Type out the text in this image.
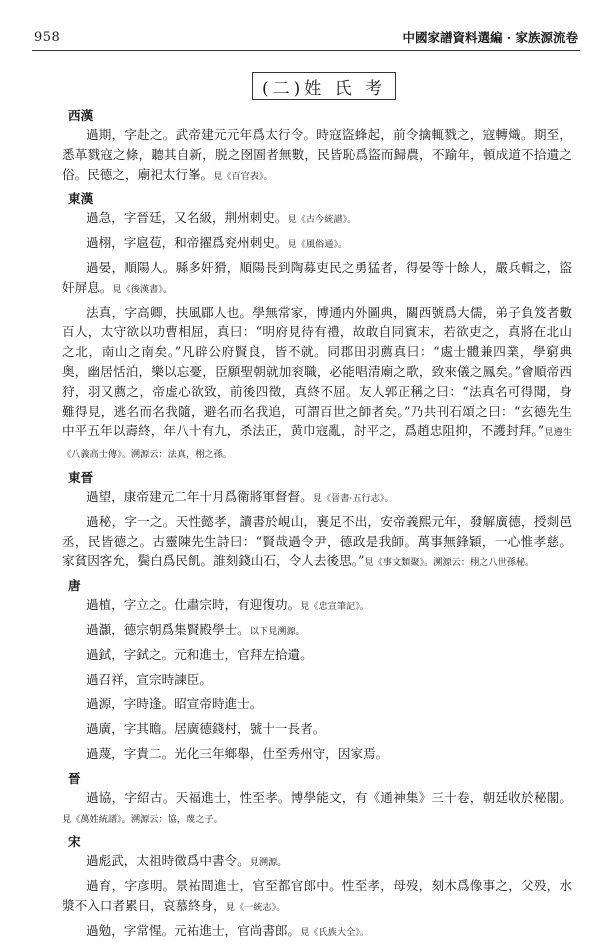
958	中國家譜資料選編 · 家族源流卷
(二)姓 氏 考
西漢

過期，字赴之。武帝建元元年爲太行令。時寇盜蜂起，前令擒輒戮之，寇轉熾。期至，悉革戮寇之條，聽其自新，脱之囹圄者無數，民皆恥爲盜而歸農，不踰年，頓成道不拾遺之俗。民德之，廟祀太行峯。見《百官表》。

東漢

過急，字晉廷，又名級，荆州刺史。見《古今統譜》。

過栩，字扈苞，和帝擢爲兖州刺史。見《風俗通》。

過晏，順陽人。縣多奸猾，順陽長到陶募吏民之勇猛者，得晏等十餘人，嚴兵輯之，盜奸屏息。見《後漢書》。

法真，字高卿，扶風郿人也。學無常家，博通内外圖典，關西號爲大儒，弟子負笈者數百人，太守欲以功曹相屈，真曰：“明府見待有禮，故敢自同賓末，若欲吏之，真將在北山之北，南山之南矣。”凡辟公府賢良，皆不就。同郡田羽薦真曰：“處士體兼四業，學窮典奥，幽居恬泊，樂以忘憂，臣願聖朝就加衮職，必能唱清廟之歌，致來儀之鳳矣。”會順帝西狩，羽又薦之，帝虚心欲致，前後四徵，真終不屈。友人郭正稱之曰：“法真名可得聞，身難得見，逃名而名我隨，避名而名我追，可謂百世之師者矣。”乃共刊石頌之曰：“玄德先生中平五年以壽終，年八十有九，杀法正，黄巾寇亂，討平之，爲趙忠阻抑，不護封拜。”見遵生《八義高士傳》。溯源云：法真，栩之孫。

東晉

過望，康帝建元二年十月爲衛將軍督督。見《晉書·五行志》。

過秘，字一之。天性懿孝，讀書於峴山，裹足不出，安帝義熙元年，發解廣德，授剡邑丞，民皆德之。古靈陳先生詩曰：“賢哉過令尹，德政是我師。萬事無鋒穎，一心惟孝慈。家貧因客允，鬓白爲民飢。誰刻錢山石，令人去後思。”見《事文類聚》。溯源云：栩之八世孫秘。

唐

過植，字立之。仕肅宗時，有迎復功。見《忠宣筆記》。

過灝，德宗朝爲集賢殿學士。以下見溯源。

過鉽，字鉽之。元和進士，官拜左拾遺。

過召祥，宣宗時諫臣。

過源，字時逢。昭宣帝時進士。

過廣，字其瞻。居廣德錢村，號十一長者。

過蔑，字貴二。光化三年鄉舉，仕至秀州守，因家焉。

晉

過協，字紹古。天福進士，性至孝。博學能文，有《通神集》三十卷，朝廷收於秘閣。見《萬姓統譜》。溯源云：協，蔑之子。

宋

過彪武，太祖時徵爲中書令。見溯源。

過育，字彦明。景祐間進士，官至都官郎中。性至孝，母歿，刻木爲像事之，父殁，水漿不入口者累日，哀慕終身，見《一統志》。

過勉，字常惺。元祐進士，官尚書郎。見《氏族大全》。
